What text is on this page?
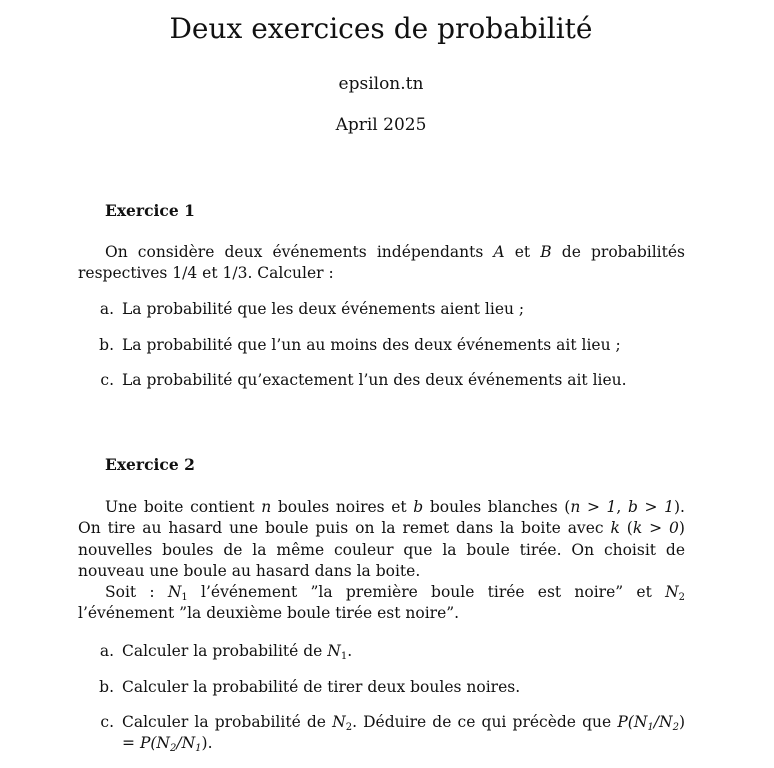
Deux exercices de probabilité
epsilon.tn
April 2025
Exercice 1
On considère deux événements indépendants A et B de probabilités respectives 1/4 et 1/3. Calculer :
a. La probabilité que les deux événements aient lieu ;
b. La probabilité que l’un au moins des deux événements ait lieu ;
c. La probabilité qu’exactement l’un des deux événements ait lieu.
Exercice 2
Une boite contient n boules noires et b boules blanches (n > 1, b > 1). On tire au hasard une boule puis on la remet dans la boite avec k (k > 0) nouvelles boules de la même couleur que la boule tirée. On choisit de nouveau une boule au hasard dans la boite.
Soit : $N_1$ l’événement ”la première boule tirée est noire” et $N_2$ l’événement ”la deuxième boule tirée est noire”.
a. Calculer la probabilité de $N_1$.
b. Calculer la probabilité de tirer deux boules noires.
c. Calculer la probabilité de $N_2$. Déduire de ce qui précède que $P(N_1/N_2) = P(N_2/N_1)$.
